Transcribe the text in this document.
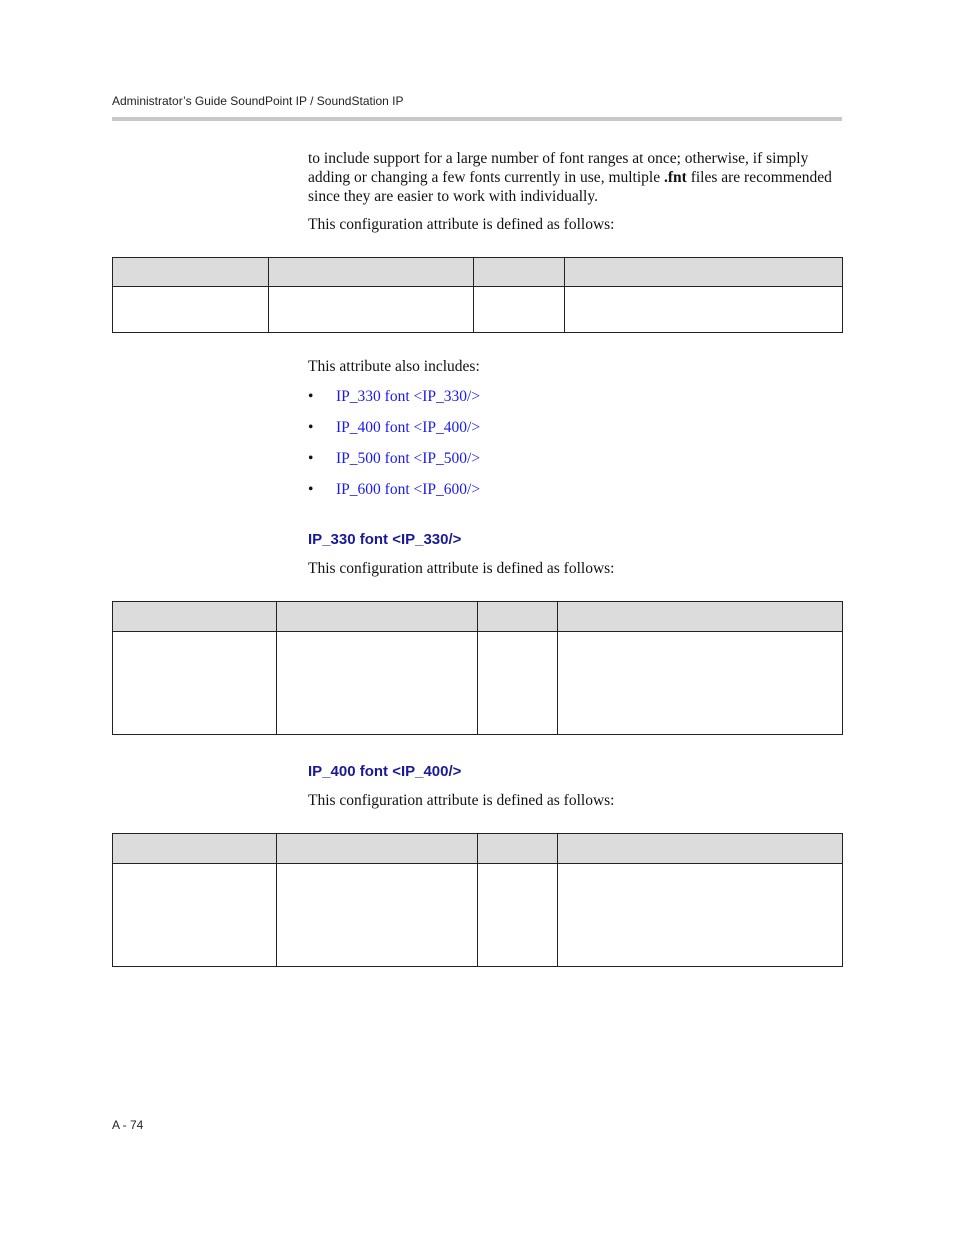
Administrator’s Guide SoundPoint IP / SoundStation IP

to include support for a large number of font ranges at once; otherwise, if simply adding or changing a few fonts currently in use, multiple .fnt files are recommended since they are easier to work with individually.

This configuration attribute is defined as follows:

This attribute also includes:

• IP_330 font <IP_330/>
• IP_400 font <IP_400/>
• IP_500 font <IP_500/>
• IP_600 font <IP_600/>
IP_330 font <IP_330/>

This configuration attribute is defined as follows:

IP_400 font <IP_400/>

This configuration attribute is defined as follows:

A - 74
